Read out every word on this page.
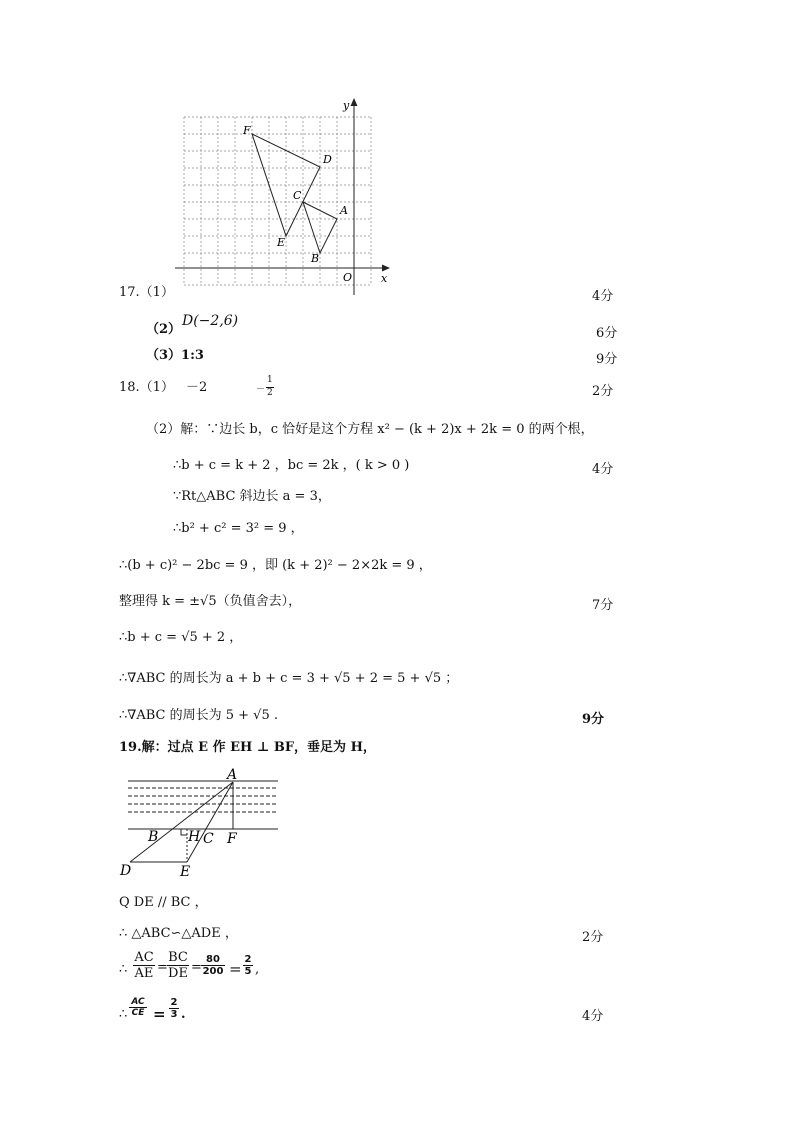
F
D
C
A
E
B
O	x
y
17.（1）	4分
（2）
D(−2,6)
6分
（3）1:3	9分
18.（1） －2	－
1
2	2分
（2）解：∵边长 b，c 恰好是这个方程 x² − (k + 2)x + 2k = 0 的两个根，
∴b + c = k + 2 ，bc = 2k ，( k > 0 )	4分
∵Rt△ABC 斜边长 a = 3，
∴b² + c² = 3² = 9 ，
∴(b + c)² − 2bc = 9 ，即 (k + 2)² − 2×2k = 9 ，
整理得 k = ±√5（负值舍去），	7分
∴b + c = √5 + 2 ，
∴∇ABC 的周长为 a + b + c = 3 + √5 + 2 = 5 + √5 ；
∴∇ABC 的周长为 5 + √5 .	9分
19.解：过点 E 作 EH ⊥ BF，垂足为 H，
A
B H C F
D	E
Q DE // BC ，
∴ △ABC∽△ADE ，	2分
∴ $\frac{AC}{AE} = \frac{BC}{DE} = \frac{80}{200} = \frac{2}{5}$ ,
∴ $\frac{AC}{CE} = \frac{2}{3}$ .	4分
